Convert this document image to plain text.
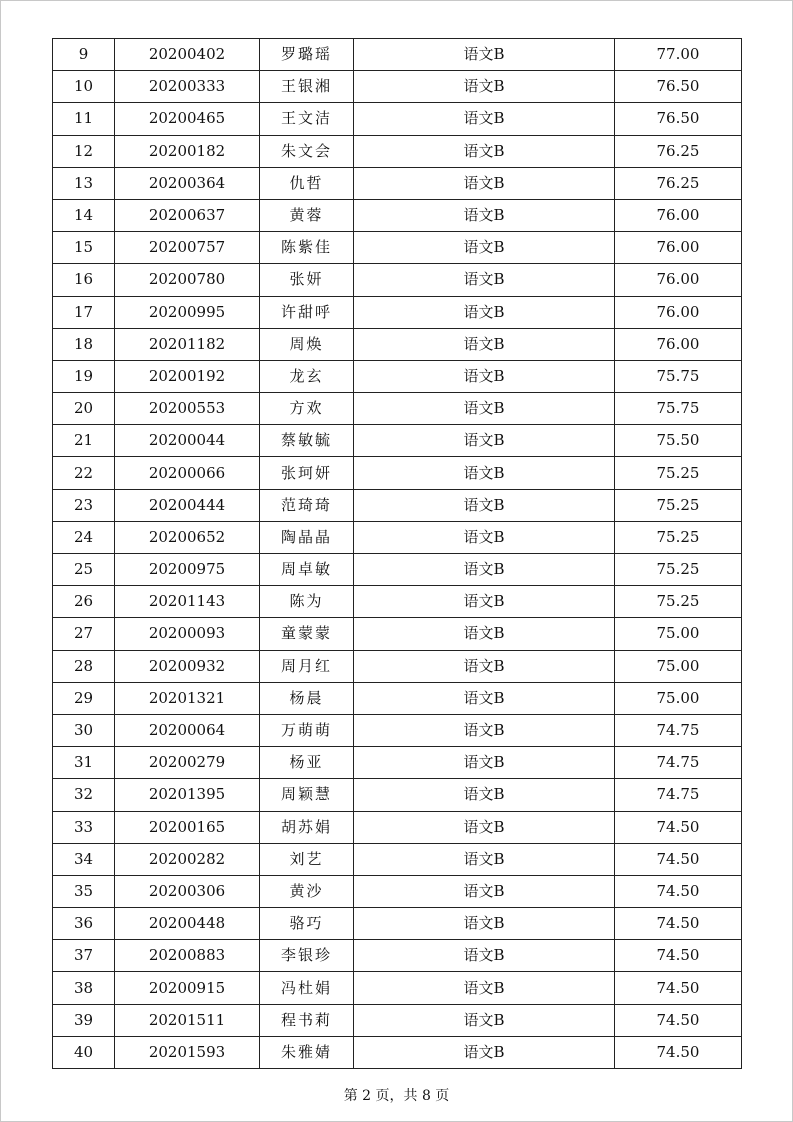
9	20200402	罗璐瑶	语文B	77.00
10	20200333	王银湘	语文B	76.50
11	20200465	王文洁	语文B	76.50
12	20200182	朱文会	语文B	76.25
13	20200364	仇哲	语文B	76.25
14	20200637	黄蓉	语文B	76.00
15	20200757	陈紫佳	语文B	76.00
16	20200780	张妍	语文B	76.00
17	20200995	许甜呼	语文B	76.00
18	20201182	周焕	语文B	76.00
19	20200192	龙玄	语文B	75.75
20	20200553	方欢	语文B	75.75
21	20200044	蔡敏毓	语文B	75.50
22	20200066	张珂妍	语文B	75.25
23	20200444	范琦琦	语文B	75.25
24	20200652	陶晶晶	语文B	75.25
25	20200975	周卓敏	语文B	75.25
26	20201143	陈为	语文B	75.25
27	20200093	童蒙蒙	语文B	75.00
28	20200932	周月红	语文B	75.00
29	20201321	杨晨	语文B	75.00
30	20200064	万萌萌	语文B	74.75
31	20200279	杨亚	语文B	74.75
32	20201395	周颖慧	语文B	74.75
33	20200165	胡苏娟	语文B	74.50
34	20200282	刘艺	语文B	74.50
35	20200306	黄沙	语文B	74.50
36	20200448	骆巧	语文B	74.50
37	20200883	李银珍	语文B	74.50
38	20200915	冯杜娟	语文B	74.50
39	20201511	程书莉	语文B	74.50
40	20201593	朱雅婧	语文B	74.50
第 2 页，共 8 页
